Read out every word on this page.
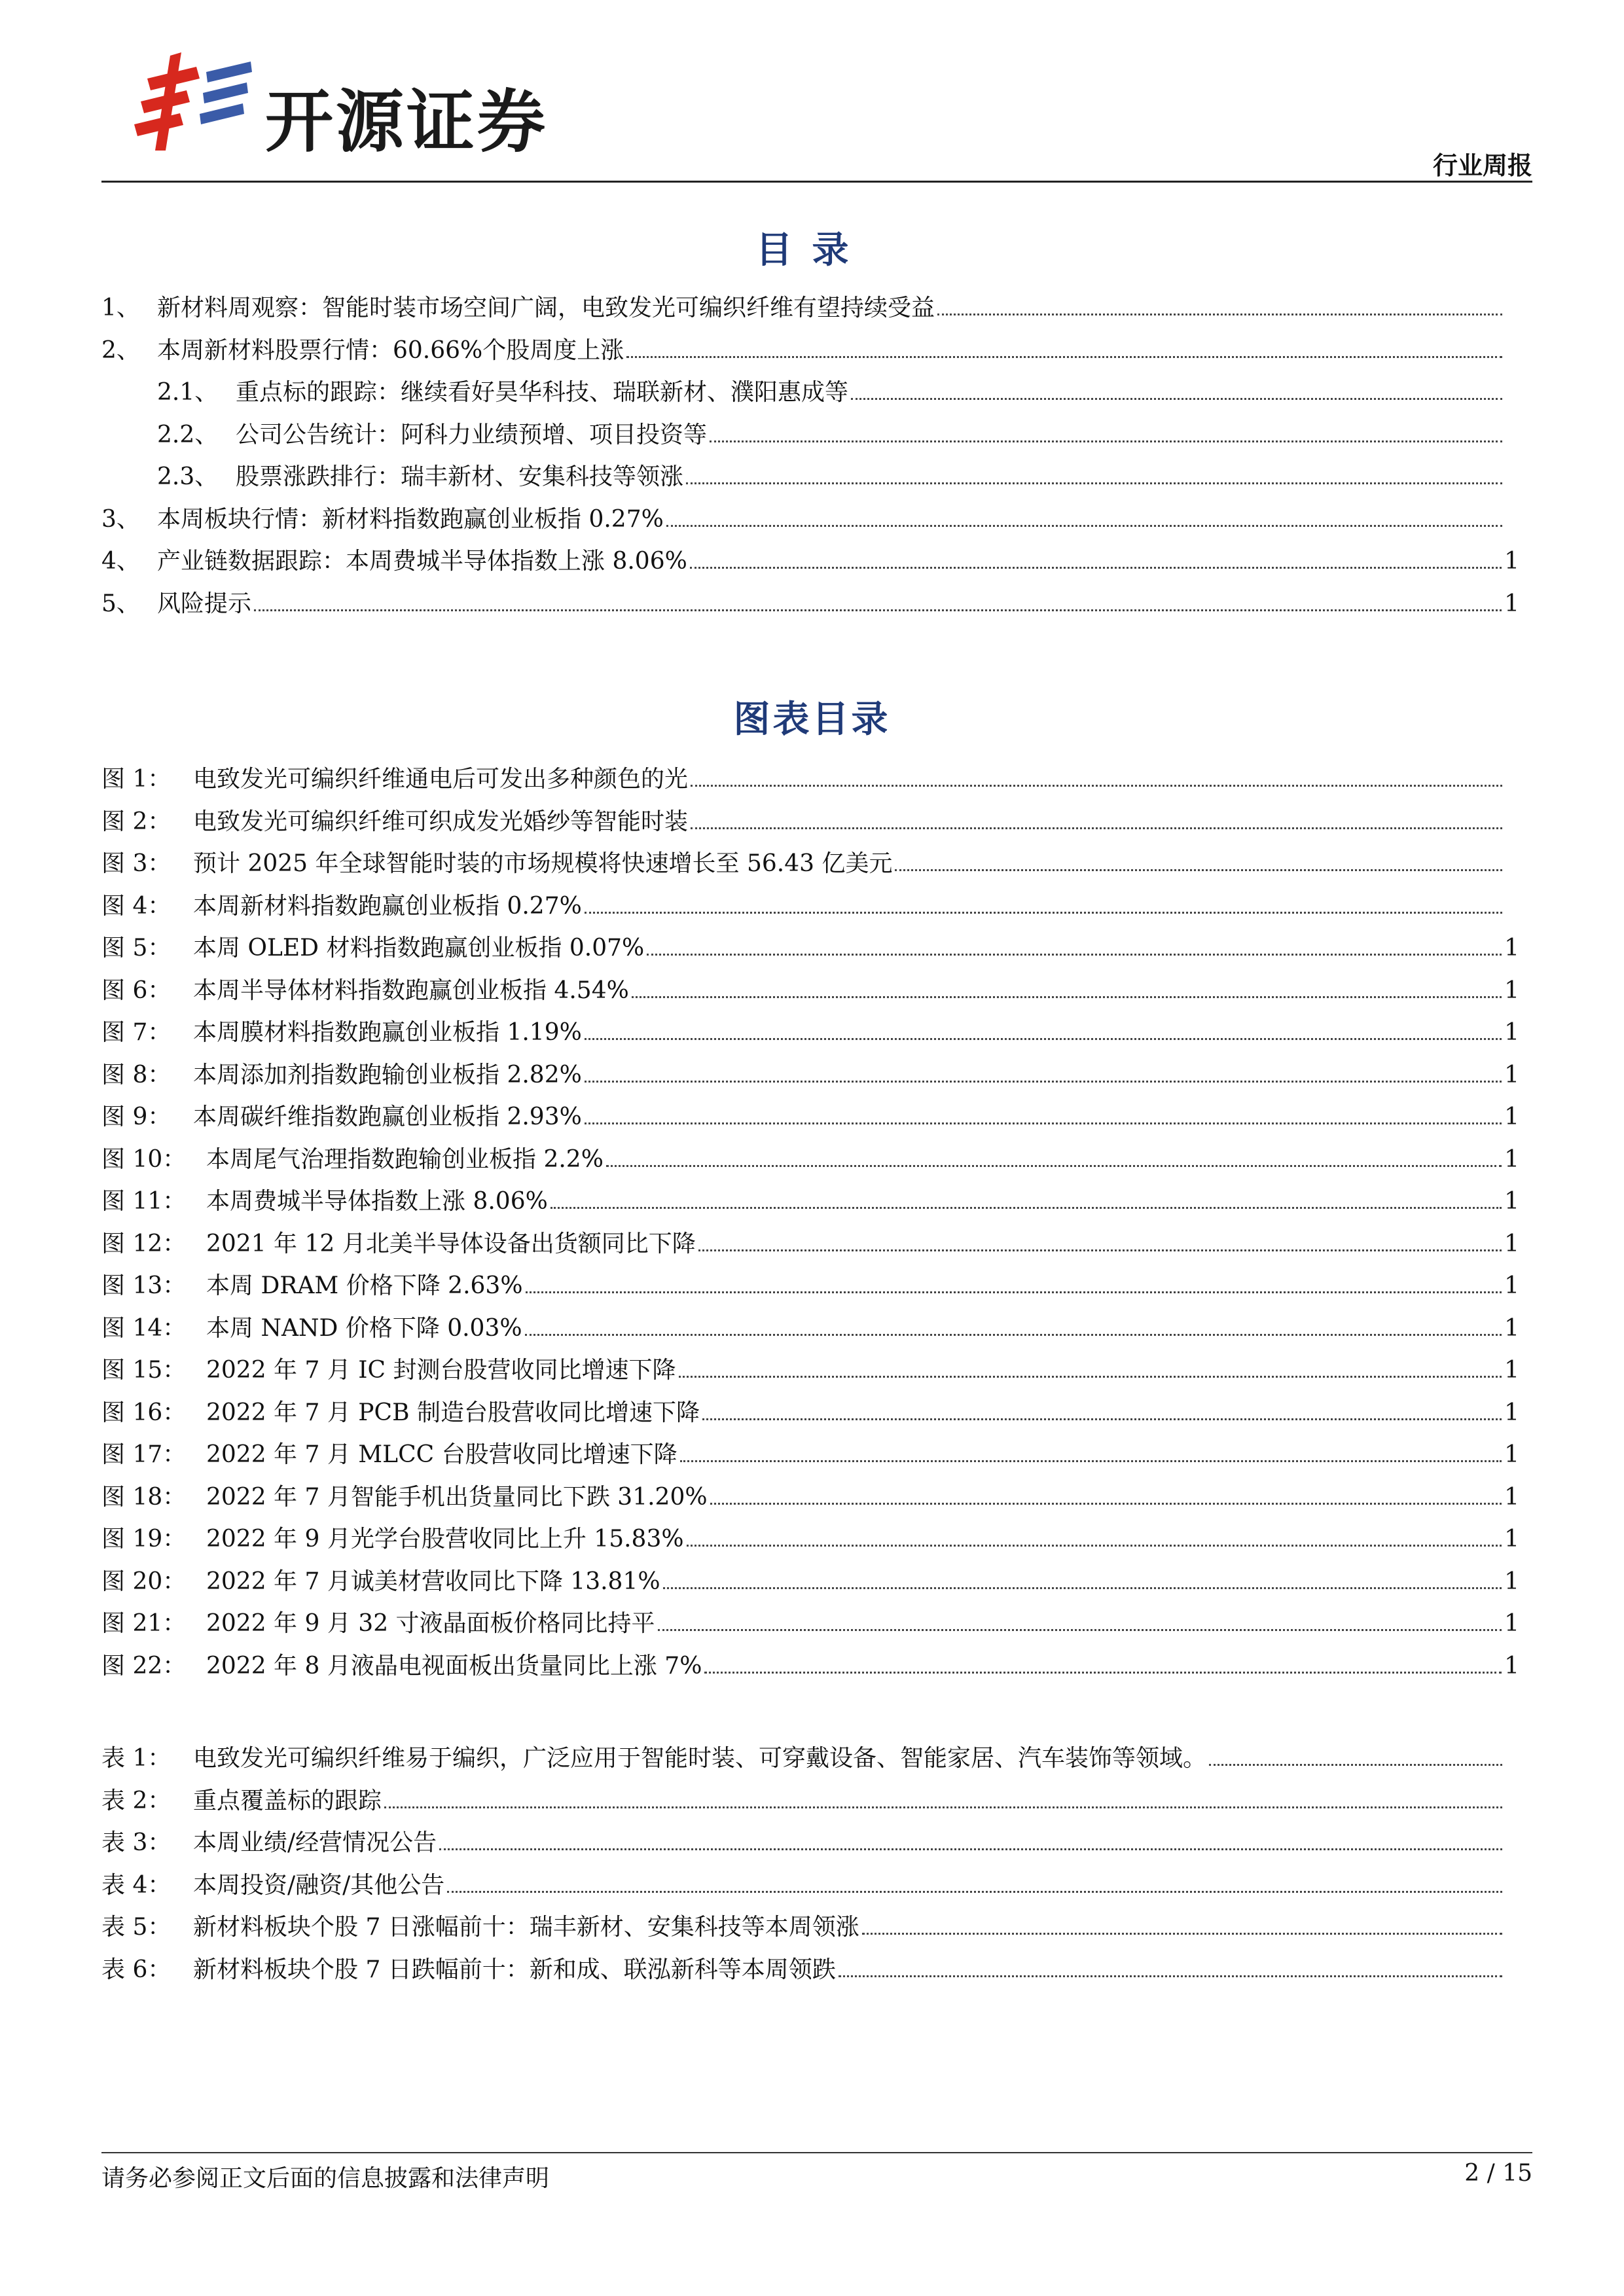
开源证券
行业周报
目录
1、 新材料周观察：智能时装市场空间广阔，电致发光可编织纤维有望持续受益
2、 本周新材料股票行情：60.66%个股周度上涨
2.1、 重点标的跟踪：继续看好昊华科技、瑞联新材、濮阳惠成等
2.2、 公司公告统计：阿科力业绩预增、项目投资等
2.3、 股票涨跌排行：瑞丰新材、安集科技等领涨
3、 本周板块行情：新材料指数跑赢创业板指 0.27%
4、 产业链数据跟踪：本周费城半导体指数上涨 8.06%	1
5、 风险提示	1
图表目录
图 1： 电致发光可编织纤维通电后可发出多种颜色的光
图 2： 电致发光可编织纤维可织成发光婚纱等智能时装
图 3： 预计 2025 年全球智能时装的市场规模将快速增长至 56.43 亿美元
图 4： 本周新材料指数跑赢创业板指 0.27%
图 5： 本周 OLED 材料指数跑赢创业板指 0.07%	1
图 6： 本周半导体材料指数跑赢创业板指 4.54%	1
图 7： 本周膜材料指数跑赢创业板指 1.19%	1
图 8： 本周添加剂指数跑输创业板指 2.82%	1
图 9： 本周碳纤维指数跑赢创业板指 2.93%	1
图 10： 本周尾气治理指数跑输创业板指 2.2%	1
图 11： 本周费城半导体指数上涨 8.06%	1
图 12： 2021 年 12 月北美半导体设备出货额同比下降	1
图 13： 本周 DRAM 价格下降 2.63%	1
图 14： 本周 NAND 价格下降 0.03%	1
图 15： 2022 年 7 月 IC 封测台股营收同比增速下降	1
图 16： 2022 年 7 月 PCB 制造台股营收同比增速下降	1
图 17： 2022 年 7 月 MLCC 台股营收同比增速下降	1
图 18： 2022 年 7 月智能手机出货量同比下跌 31.20%	1
图 19： 2022 年 9 月光学台股营收同比上升 15.83%	1
图 20： 2022 年 7 月诚美材营收同比下降 13.81%	1
图 21： 2022 年 9 月 32 寸液晶面板价格同比持平	1
图 22： 2022 年 8 月液晶电视面板出货量同比上涨 7%	1
表 1： 电致发光可编织纤维易于编织，广泛应用于智能时装、可穿戴设备、智能家居、汽车装饰等领域。
表 2： 重点覆盖标的跟踪
表 3： 本周业绩/经营情况公告
表 4： 本周投资/融资/其他公告
表 5： 新材料板块个股 7 日涨幅前十：瑞丰新材、安集科技等本周领涨
表 6： 新材料板块个股 7 日跌幅前十：新和成、联泓新科等本周领跌
请务必参阅正文后面的信息披露和法律声明	2 / 15
